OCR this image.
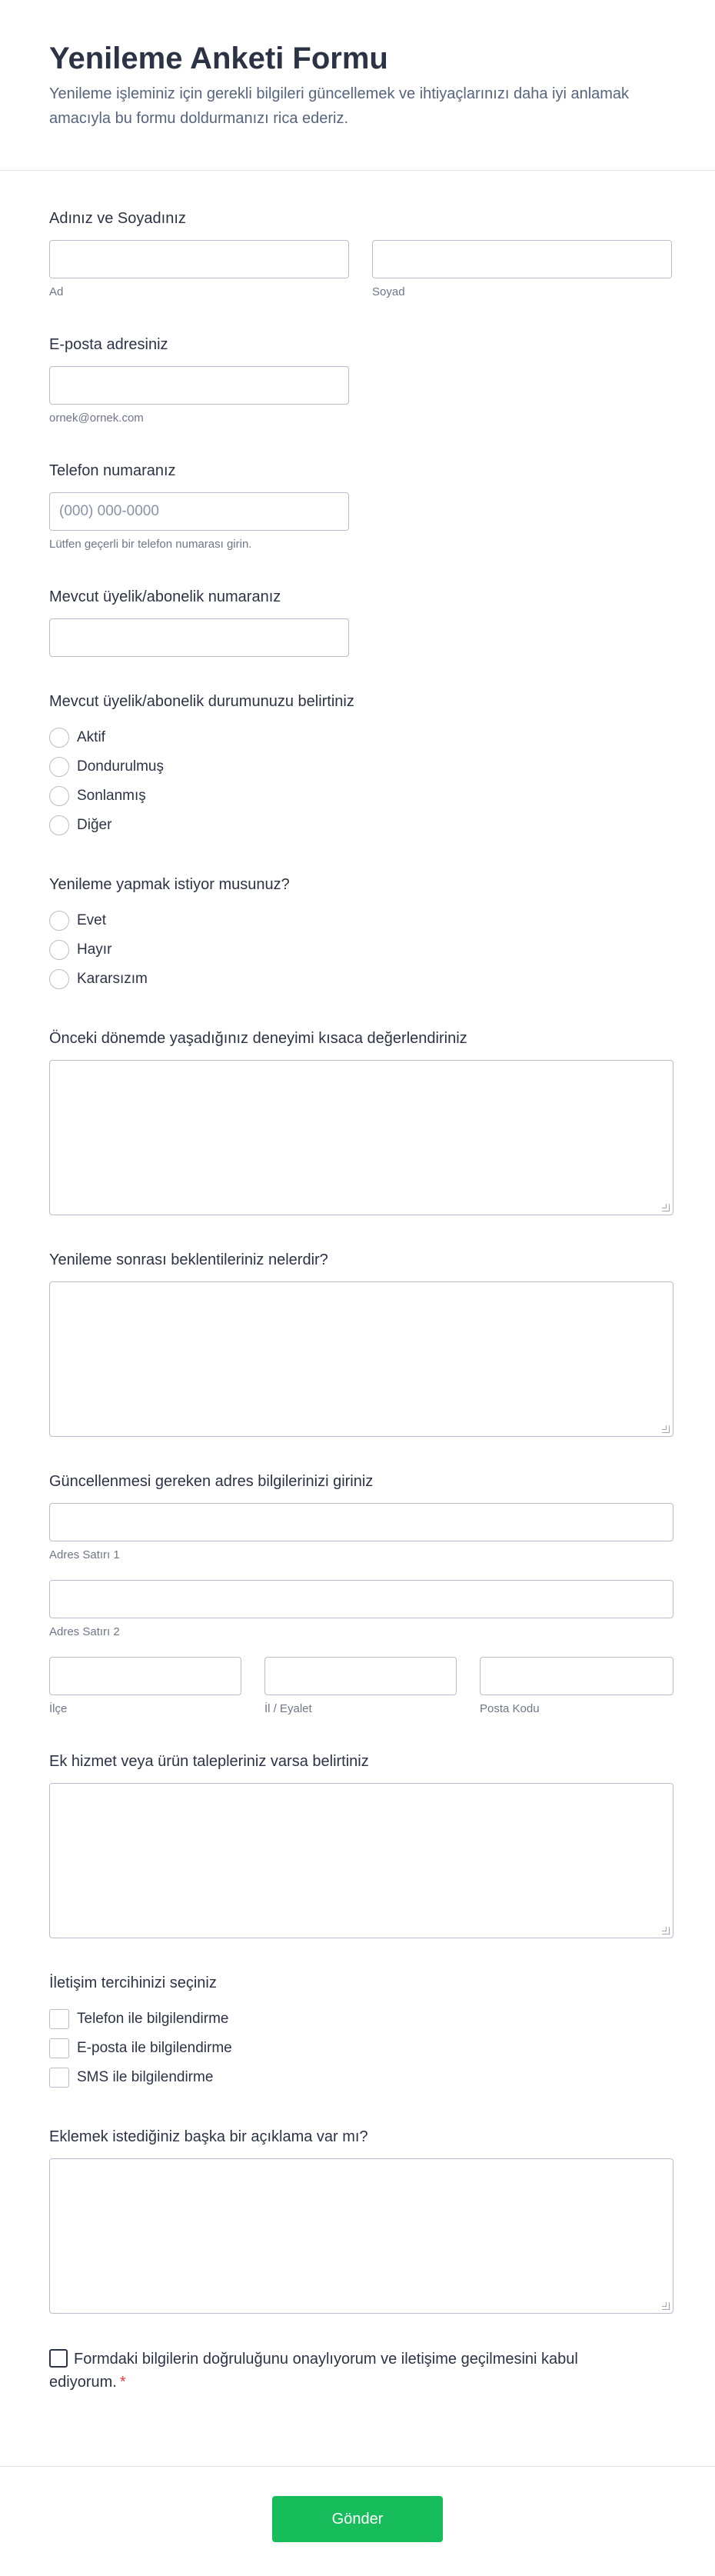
Yenileme Anketi Formu
Yenileme işleminiz için gerekli bilgileri güncellemek ve ihtiyaçlarınızı daha iyi anlamak amacıyla bu formu doldurmanızı rica ederiz.
Adınız ve Soyadınız
Ad	Soyad
E-posta adresiniz
ornek@ornek.com
Telefon numaranız
(000) 000-0000
Lütfen geçerli bir telefon numarası girin.
Mevcut üyelik/abonelik numaranız
Mevcut üyelik/abonelik durumunuzu belirtiniz
Aktif
Dondurulmuş
Sonlanmış
Diğer
Yenileme yapmak istiyor musunuz?
Evet
Hayır
Kararsızım
Önceki dönemde yaşadığınız deneyimi kısaca değerlendiriniz
Yenileme sonrası beklentileriniz nelerdir?
Güncellenmesi gereken adres bilgilerinizi giriniz
Adres Satırı 1
Adres Satırı 2
İlçe	İl / Eyalet	Posta Kodu
Ek hizmet veya ürün talepleriniz varsa belirtiniz
İletişim tercihinizi seçiniz
Telefon ile bilgilendirme
E-posta ile bilgilendirme
SMS ile bilgilendirme
Eklemek istediğiniz başka bir açıklama var mı?
Formdaki bilgilerin doğruluğunu onaylıyorum ve iletişime geçilmesini kabul ediyorum. *
Gönder
